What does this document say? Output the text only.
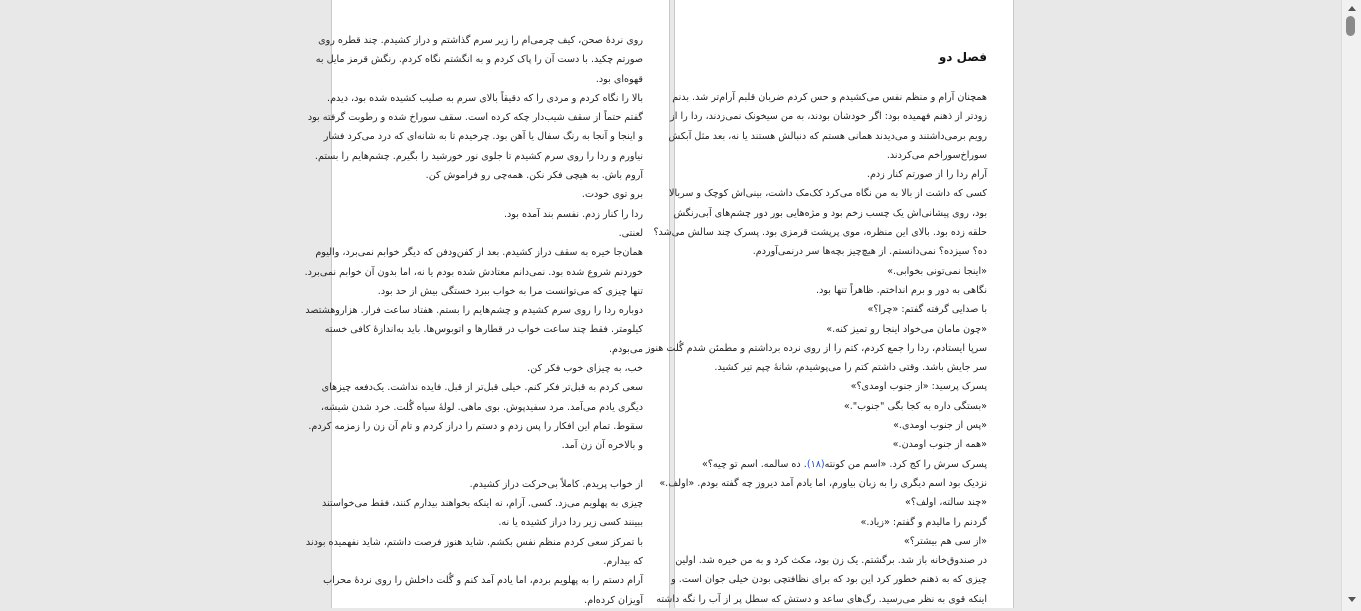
روی نردهٔ صحن، کیف چرمی‌ام را زیر سرم گذاشتم و دراز کشیدم. چند قطره روی
صورتم چکید. با دست آن را پاک کردم و به انگشتم نگاه کردم. رنگش قرمز مایل به
قهوه‌ای بود.
بالا را نگاه کردم و مردی را که دقیقاً بالای سرم به صلیب کشیده شده بود، دیدم.
گفتم حتماً از سقف شیب‌دار چکه کرده است. سقف سوراخ شده و رطوبت گرفته بود
و اینجا و آنجا به رنگ سفال یا آهن بود. چرخیدم تا به شانه‌ای که درد می‌کرد فشار
نیاورم و ردا را روی سرم کشیدم تا جلوی نور خورشید را بگیرم. چشم‌هایم را بستم.
آروم باش. به هیچی فکر نکن. همه‌چی رو فراموش کن.
برو توی خودت.
ردا را کنار زدم. نفسم بند آمده بود.
لعنتی.
همان‌جا خیره به سقف دراز کشیدم. بعد از کفن‌ودفن که دیگر خوابم نمی‌برد، والیوم
خوردنم شروع شده بود. نمی‌دانم معتادش شده بودم یا نه، اما بدون آن خوابم نمی‌برد.
تنها چیزی که می‌توانست مرا به خواب ببرد خستگی بیش از حد بود.
دوباره ردا را روی سرم کشیدم و چشم‌هایم را بستم. هفتاد ساعت فرار. هزاروهشتصد
کیلومتر. فقط چند ساعت خواب در قطارها و اتوبوس‌ها. باید به‌اندازهٔ کافی خسته
می‌بودم.
خب، به چیزای خوب فکر کن.
سعی کردم به قبل‌تر فکر کنم. خیلی قبل‌تر از قبل. فایده نداشت. یک‌دفعه چیزهای
دیگری یادم می‌آمد. مرد سفیدپوش. بوی ماهی. لولهٔ سیاه گُلت. خرد شدن شیشه،
سقوط. تمام این افکار را پس زدم و دستم را دراز کردم و تام آن زن را زمزمه کردم.
و بالاخره آن زن آمد.
از خواب پریدم. کاملاً بی‌حرکت دراز کشیدم.
چیزی به پهلویم می‌زد. کسی. آرام، نه اینکه بخواهند بیدارم کنند، فقط می‌خواستند
ببینند کسی زیر ردا دراز کشیده یا نه.
با تمرکز سعی کردم منظم نفس بکشم. شاید هنوز فرصت داشتم، شاید نفهمیده بودند
که بیدارم.
آرام دستم را به پهلویم بردم، اما یادم آمد کنم و گُلت داخلش را روی نردهٔ محراب
آویزان کرده‌ام.
فصل دو
همچنان آرام و منظم نفس می‌کشیدم و حس کردم ضربان قلبم آرام‌تر شد. بدنم
زودتر از ذهنم فهمیده بود: اگر خودشان بودند، به من سیخونک نمی‌زدند، ردا را از
رویم برمی‌داشتند و می‌دیدند همانی هستم که دنبالش هستند یا نه، بعد مثل آبکش
سوراخ‌سوراخم می‌کردند.
آرام ردا را از صورتم کنار زدم.
کسی که داشت از بالا به من نگاه می‌کرد کک‌مک داشت، بینی‌اش کوچک و سربالا
بود، روی پیشانی‌اش یک چسب زخم بود و مژه‌هایی بور دور چشم‌های آبی‌رنگش
حلقه زده بود. بالای این منظره، موی پرپشت قرمزی بود. پسرک چند سالش می‌شد؟
ده؟ سیزده؟ نمی‌دانستم. از هیچ‌چیز بچه‌ها سر درنمی‌آوردم.
«اینجا نمی‌تونی بخوابی.»
نگاهی به دور و برم انداختم. ظاهراً تنها بود.
با صدایی گرفته گفتم: «چرا؟»
«چون مامان می‌خواد اینجا رو تمیز کنه.»
سرپا ایستادم، ردا را جمع کردم، کتم را از روی نرده برداشتم و مطمئن شدم گُلت هنوز
سر جایش باشد. وقتی داشتم کتم را می‌پوشیدم، شانهٔ چپم تیر کشید.
پسرک پرسید: «از جنوب اومدی؟»
«بستگی داره به کجا بگی "جنوب".»
«پس از جنوب اومدی.»
«همه از جنوب اومدن.»
پسرک سرش را کج کرد. «اسم من کونته(۱۸). ده سالمه. اسم تو چیه؟»
نزدیک بود اسم دیگری را به زبان بیاورم، اما یادم آمد دیروز چه گفته بودم. «اولف.»
«چند سالته، اولف؟»
گردنم را مالیدم و گفتم: «زیاد.»
«از سی هم بیشتر؟»
در صندوق‌خانه باز شد. برگشتم. یک زن بود، مکث کرد و به من خیره شد. اولین
چیزی که به ذهنم خطور کرد این بود که برای نظافتچی بودن خیلی جوان است. و
اینکه قوی به نظر می‌رسید. رگ‌های ساعد و دستش که سطل پر از آب را نگه داشته
